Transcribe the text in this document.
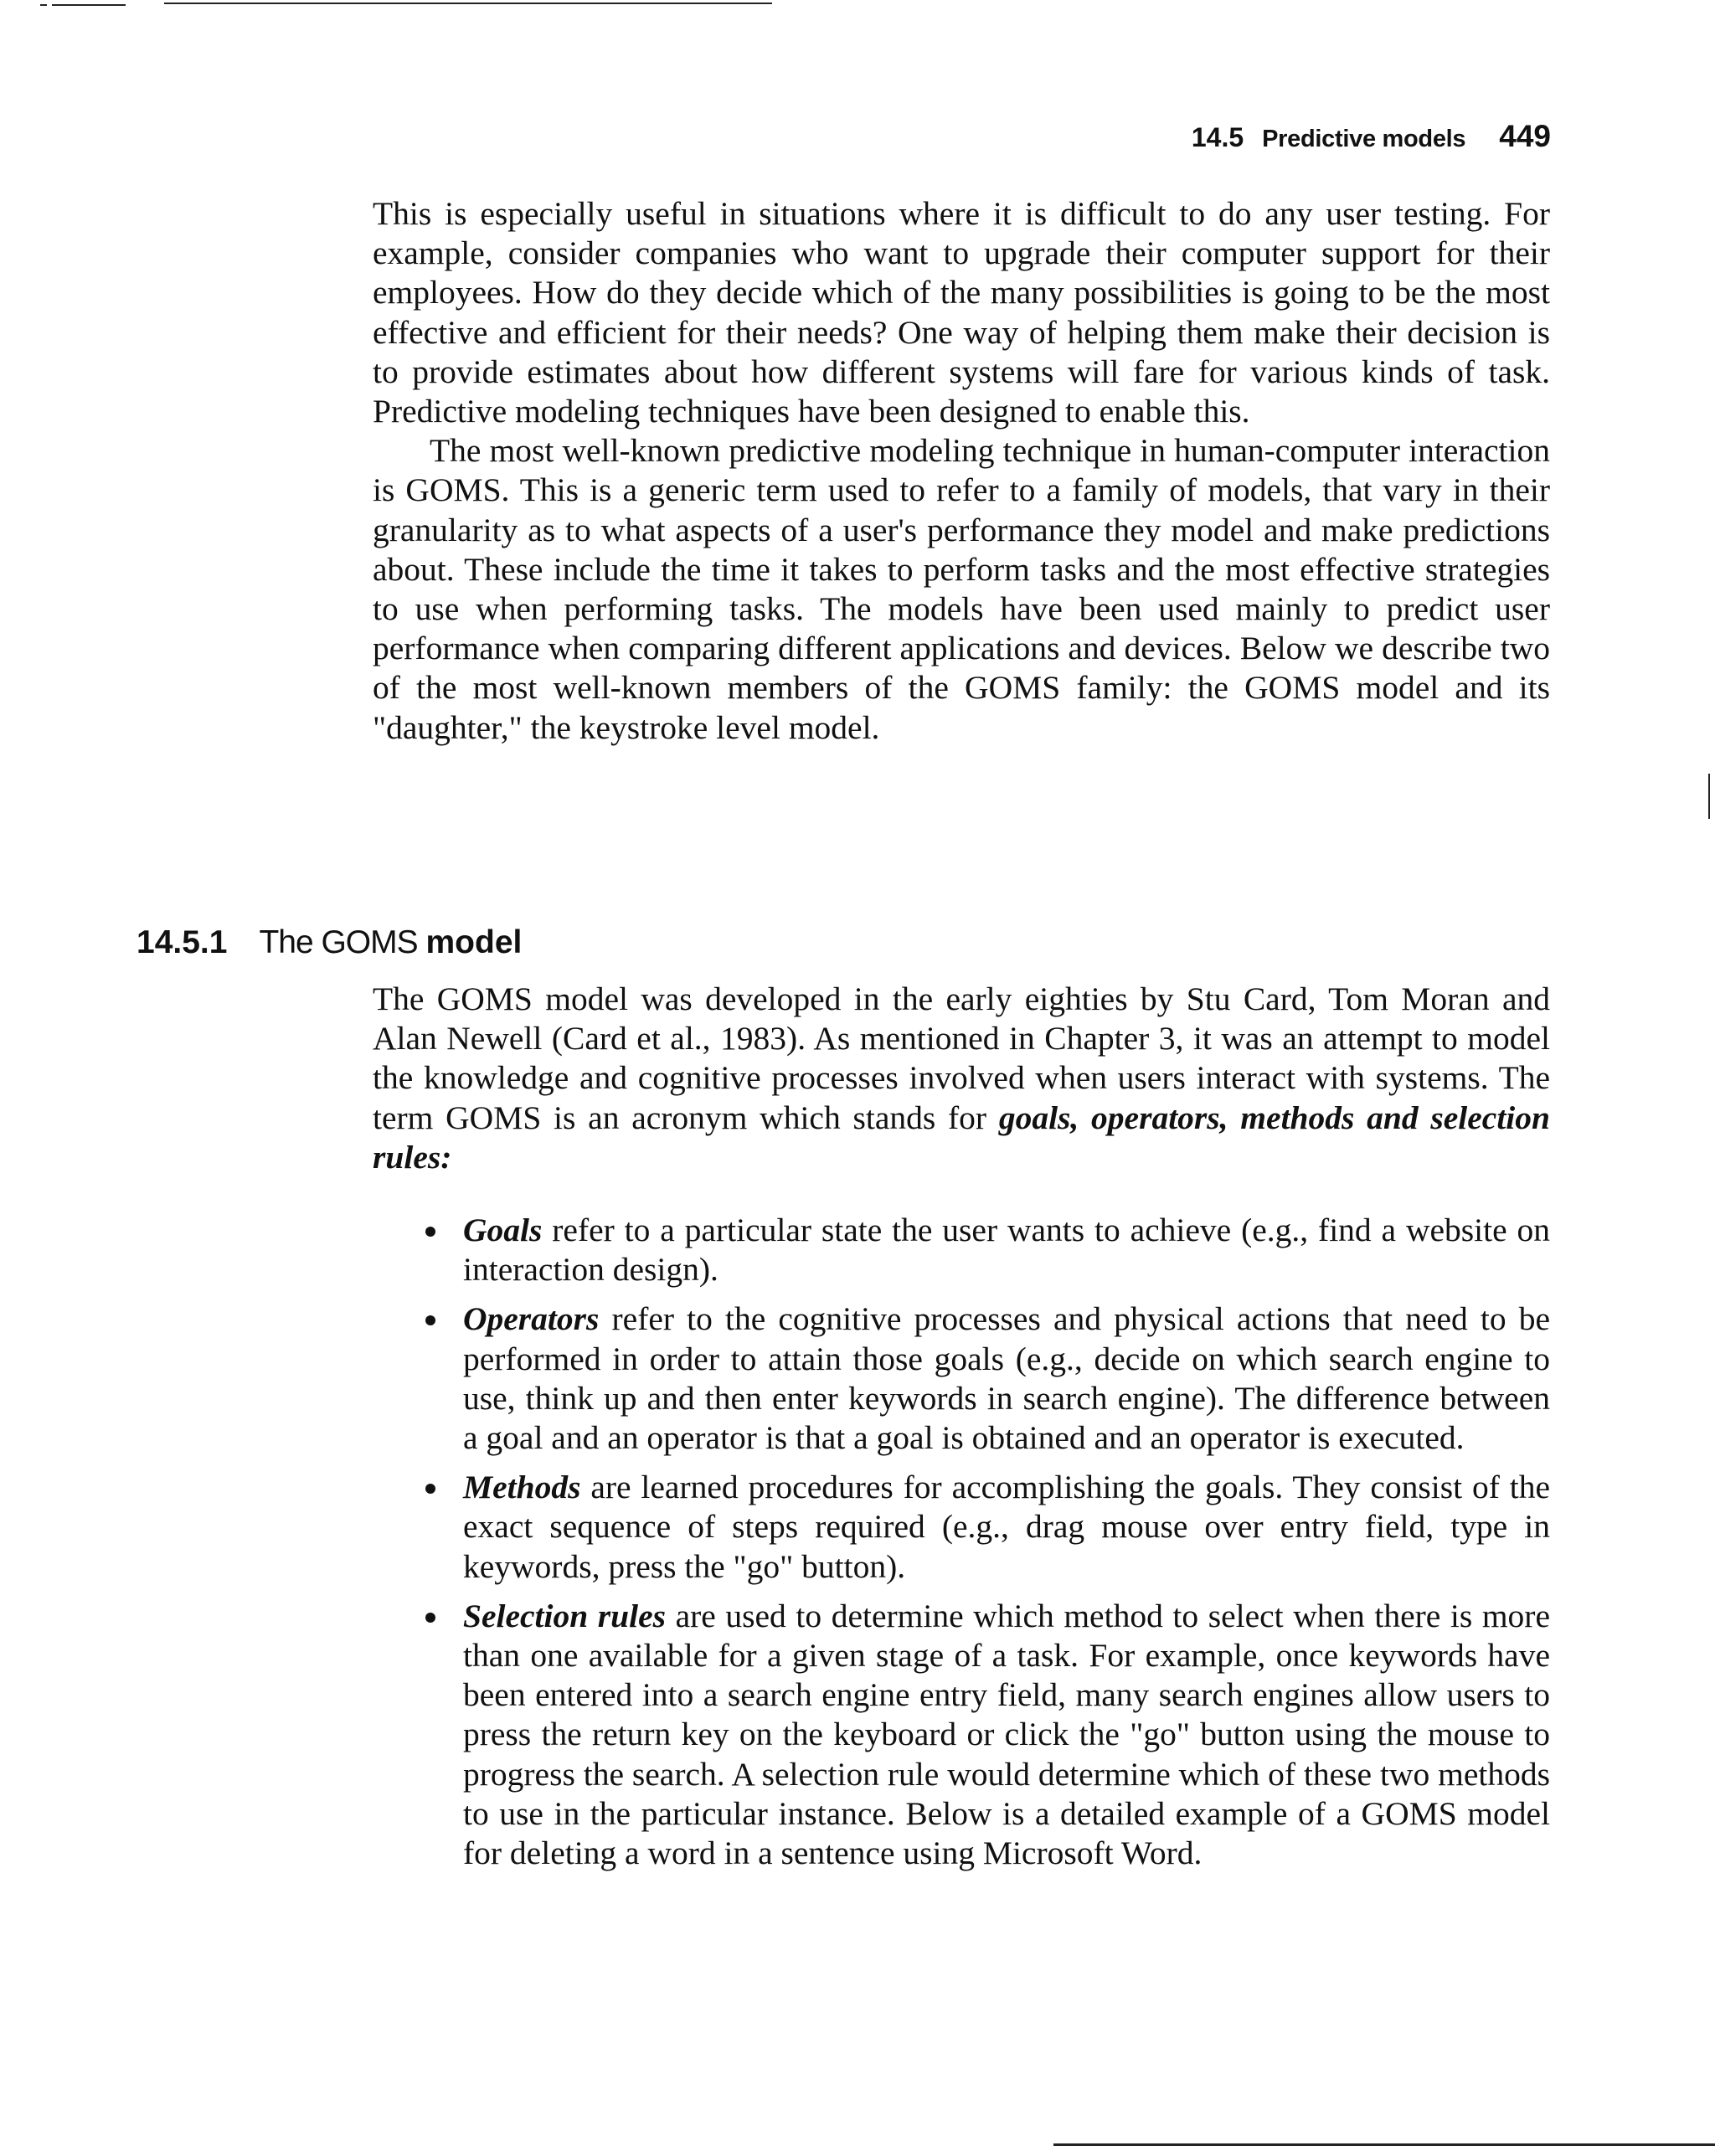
14.5 Predictive models 449

This is especially useful in situations where it is difficult to do any user testing. For example, consider companies who want to upgrade their computer support for their employees. How do they decide which of the many possibilities is going to be the most effective and efficient for their needs? One way of helping them make their decision is to provide estimates about how different systems will fare for various kinds of task. Predictive modeling techniques have been designed to enable this.

The most well-known predictive modeling technique in human-computer interaction is GOMS. This is a generic term used to refer to a family of models, that vary in their granularity as to what aspects of a user's performance they model and make predictions about. These include the time it takes to perform tasks and the most effective strategies to use when performing tasks. The models have been used mainly to predict user performance when comparing different applications and devices. Below we describe two of the most well-known members of the GOMS family: the GOMS model and its "daughter," the keystroke level model.

14.5.1 The GOMS model

The GOMS model was developed in the early eighties by Stu Card, Tom Moran and Alan Newell (Card et al., 1983). As mentioned in Chapter 3, it was an attempt to model the knowledge and cognitive processes involved when users interact with systems. The term GOMS is an acronym which stands for goals, operators, methods and selection rules:

Goals refer to a particular state the user wants to achieve (e.g., find a website on interaction design).
Operators refer to the cognitive processes and physical actions that need to be performed in order to attain those goals (e.g., decide on which search engine to use, think up and then enter keywords in search engine). The difference between a goal and an operator is that a goal is obtained and an operator is executed.
Methods are learned procedures for accomplishing the goals. They consist of the exact sequence of steps required (e.g., drag mouse over entry field, type in keywords, press the "go" button).
Selection rules are used to determine which method to select when there is more than one available for a given stage of a task. For example, once keywords have been entered into a search engine entry field, many search engines allow users to press the return key on the keyboard or click the "go" button using the mouse to progress the search. A selection rule would determine which of these two methods to use in the particular instance. Below is a detailed example of a GOMS model for deleting a word in a sentence using Microsoft Word.
